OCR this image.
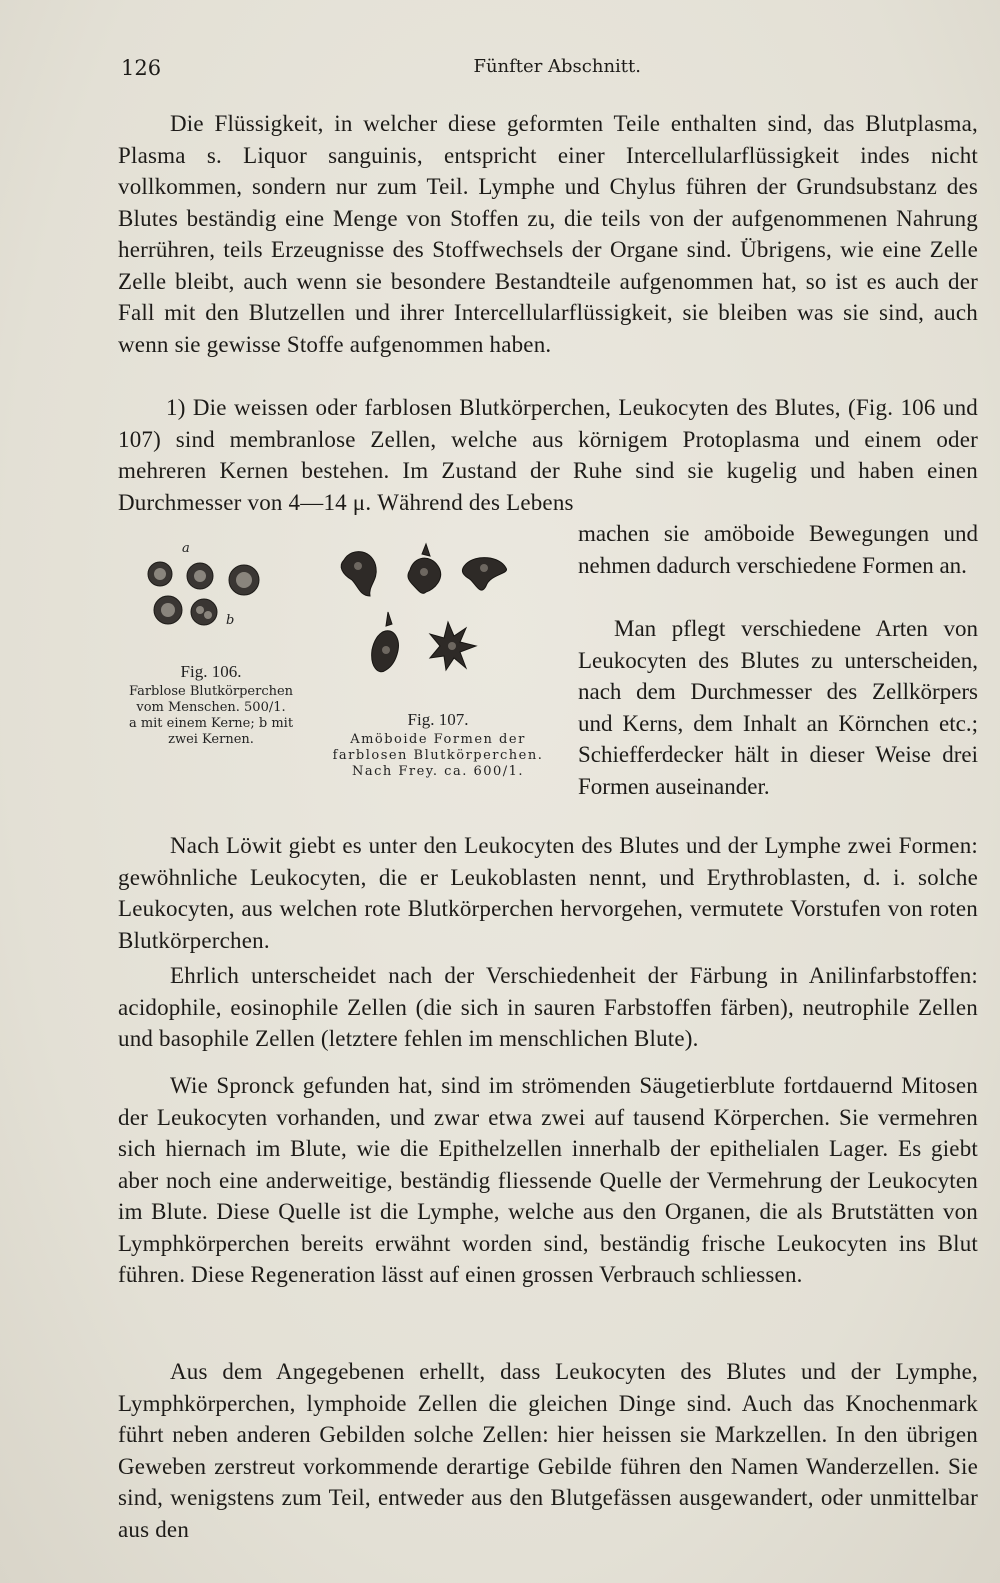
126	Fünfter Abschnitt.

Die Flüssigkeit, in welcher diese geformten Teile enthalten sind, das Blutplasma, Plasma s. Liquor sanguinis, entspricht einer Intercellularflüssigkeit indes nicht vollkommen, sondern nur zum Teil. Lymphe und Chylus führen der Grundsubstanz des Blutes beständig eine Menge von Stoffen zu, die teils von der aufgenommenen Nahrung herrühren, teils Erzeugnisse des Stoffwechsels der Organe sind. Übrigens, wie eine Zelle Zelle bleibt, auch wenn sie besondere Bestandteile aufgenommen hat, so ist es auch der Fall mit den Blutzellen und ihrer Intercellularflüssigkeit, sie bleiben was sie sind, auch wenn sie gewisse Stoffe aufgenommen haben.

1) Die weissen oder farblosen Blutkörperchen, Leukocyten des Blutes, (Fig. 106 und 107) sind membranlose Zellen, welche aus körnigem Protoplasma und einem oder mehreren Kernen bestehen. Im Zustand der Ruhe sind sie kugelig und haben einen Durchmesser von 4—14 μ. Während des Lebens

machen sie amöboide Bewegungen und nehmen dadurch verschiedene Formen an.

Man pflegt verschiedene Arten von Leukocyten des Blutes zu unterscheiden, nach dem Durchmesser des Zellkörpers und Kerns, dem Inhalt an Körnchen etc.; Schiefferdecker hält in dieser Weise drei Formen auseinander.

a
b
Fig. 106.
Farblose Blutkörperchen vom Menschen. 500/1.
a mit einem Kerne; b mit zwei Kernen.
Fig. 107.
Amöboide Formen der farblosen Blutkörperchen. Nach Frey. ca. 600/1.

Nach Löwit giebt es unter den Leukocyten des Blutes und der Lymphe zwei Formen: gewöhnliche Leukocyten, die er Leukoblasten nennt, und Erythroblasten, d. i. solche Leukocyten, aus welchen rote Blutkörperchen hervorgehen, vermutete Vorstufen von roten Blutkörperchen.

Ehrlich unterscheidet nach der Verschiedenheit der Färbung in Anilinfarbstoffen: acidophile, eosinophile Zellen (die sich in sauren Farbstoffen färben), neutrophile Zellen und basophile Zellen (letztere fehlen im menschlichen Blute).

Wie Spronck gefunden hat, sind im strömenden Säugetierblute fortdauernd Mitosen der Leukocyten vorhanden, und zwar etwa zwei auf tausend Körperchen. Sie vermehren sich hiernach im Blute, wie die Epithelzellen innerhalb der epithelialen Lager. Es giebt aber noch eine anderweitige, beständig fliessende Quelle der Vermehrung der Leukocyten im Blute. Diese Quelle ist die Lymphe, welche aus den Organen, die als Brutstätten von Lymphkörperchen bereits erwähnt worden sind, beständig frische Leukocyten ins Blut führen. Diese Regeneration lässt auf einen grossen Verbrauch schliessen.

Aus dem Angegebenen erhellt, dass Leukocyten des Blutes und der Lymphe, Lymphkörperchen, lymphoide Zellen die gleichen Dinge sind. Auch das Knochenmark führt neben anderen Gebilden solche Zellen: hier heissen sie Markzellen. In den übrigen Geweben zerstreut vorkommende derartige Gebilde führen den Namen Wanderzellen. Sie sind, wenigstens zum Teil, entweder aus den Blutgefässen ausgewandert, oder unmittelbar aus den
